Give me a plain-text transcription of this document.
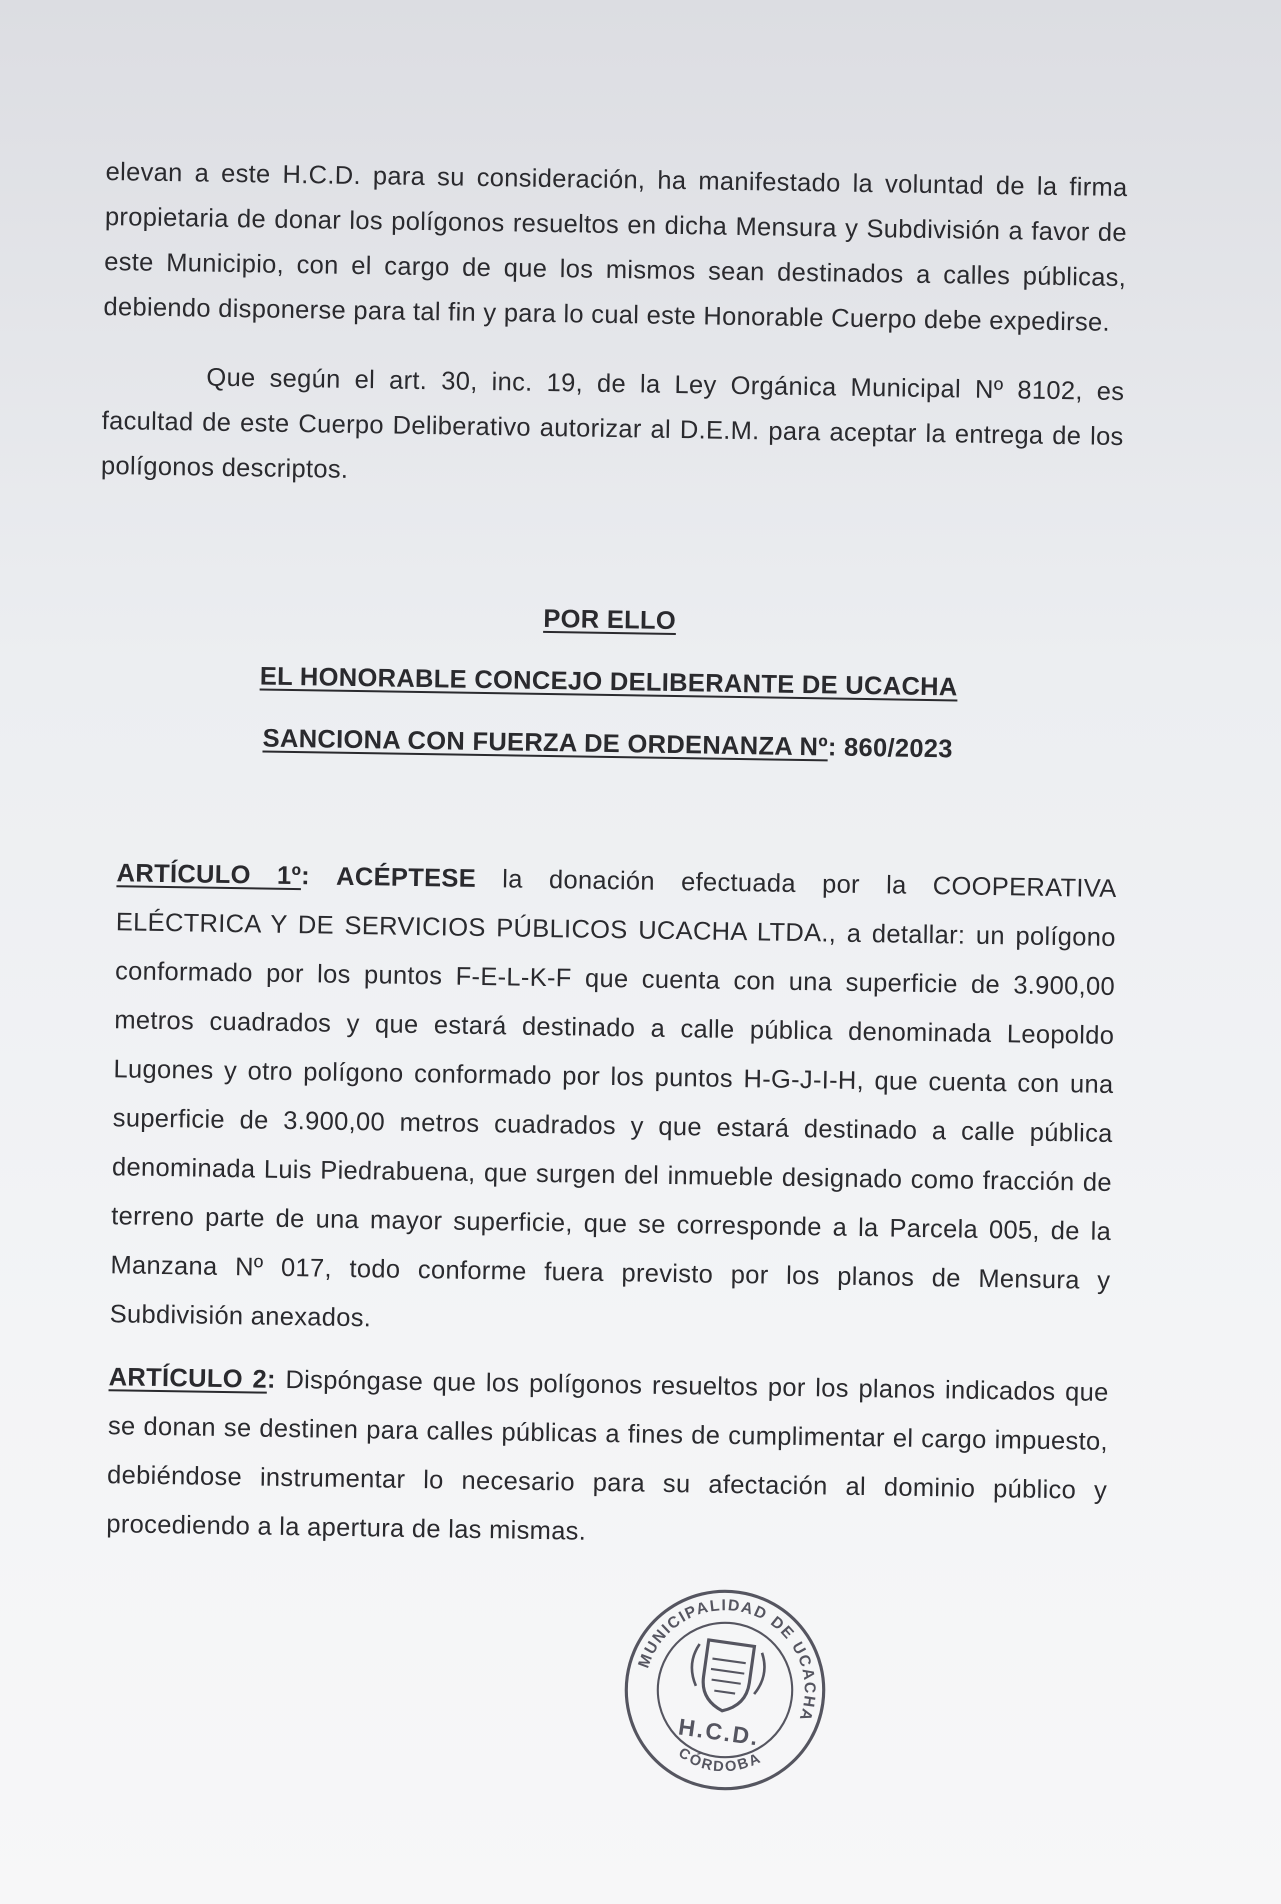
elevan a este H.C.D. para su consideración, ha manifestado la voluntad de la firma propietaria de donar los polígonos resueltos en dicha Mensura y Subdivisión a favor de este Municipio, con el cargo de que los mismos sean destinados a calles públicas, debiendo disponerse para tal fin y para lo cual este Honorable Cuerpo debe expedirse.

Que según el art. 30, inc. 19, de la Ley Orgánica Municipal Nº 8102, es facultad de este Cuerpo Deliberativo autorizar al D.E.M. para aceptar la entrega de los polígonos descriptos.

POR ELLO
EL HONORABLE CONCEJO DELIBERANTE DE UCACHA
SANCIONA CON FUERZA DE ORDENANZA Nº: 860/2023

ARTÍCULO 1º: ACÉPTESE la donación efectuada por la COOPERATIVA ELÉCTRICA Y DE SERVICIOS PÚBLICOS UCACHA LTDA., a detallar: un polígono conformado por los puntos F-E-L-K-F que cuenta con una superficie de 3.900,00 metros cuadrados y que estará destinado a calle pública denominada Leopoldo Lugones y otro polígono conformado por los puntos H-G-J-I-H, que cuenta con una superficie de 3.900,00 metros cuadrados y que estará destinado a calle pública denominada Luis Piedrabuena, que surgen del inmueble designado como fracción de terreno parte de una mayor superficie, que se corresponde a la Parcela 005, de la Manzana Nº 017, todo conforme fuera previsto por los planos de Mensura y Subdivisión anexados.

ARTÍCULO 2: Dispóngase que los polígonos resueltos por los planos indicados que se donan se destinen para calles públicas a fines de cumplimentar el cargo impuesto, debiéndose instrumentar lo necesario para su afectación al dominio público y procediendo a la apertura de las mismas.

MUNICIPALIDAD DE UCACHA
H.C.D.
CÓRDOBA
